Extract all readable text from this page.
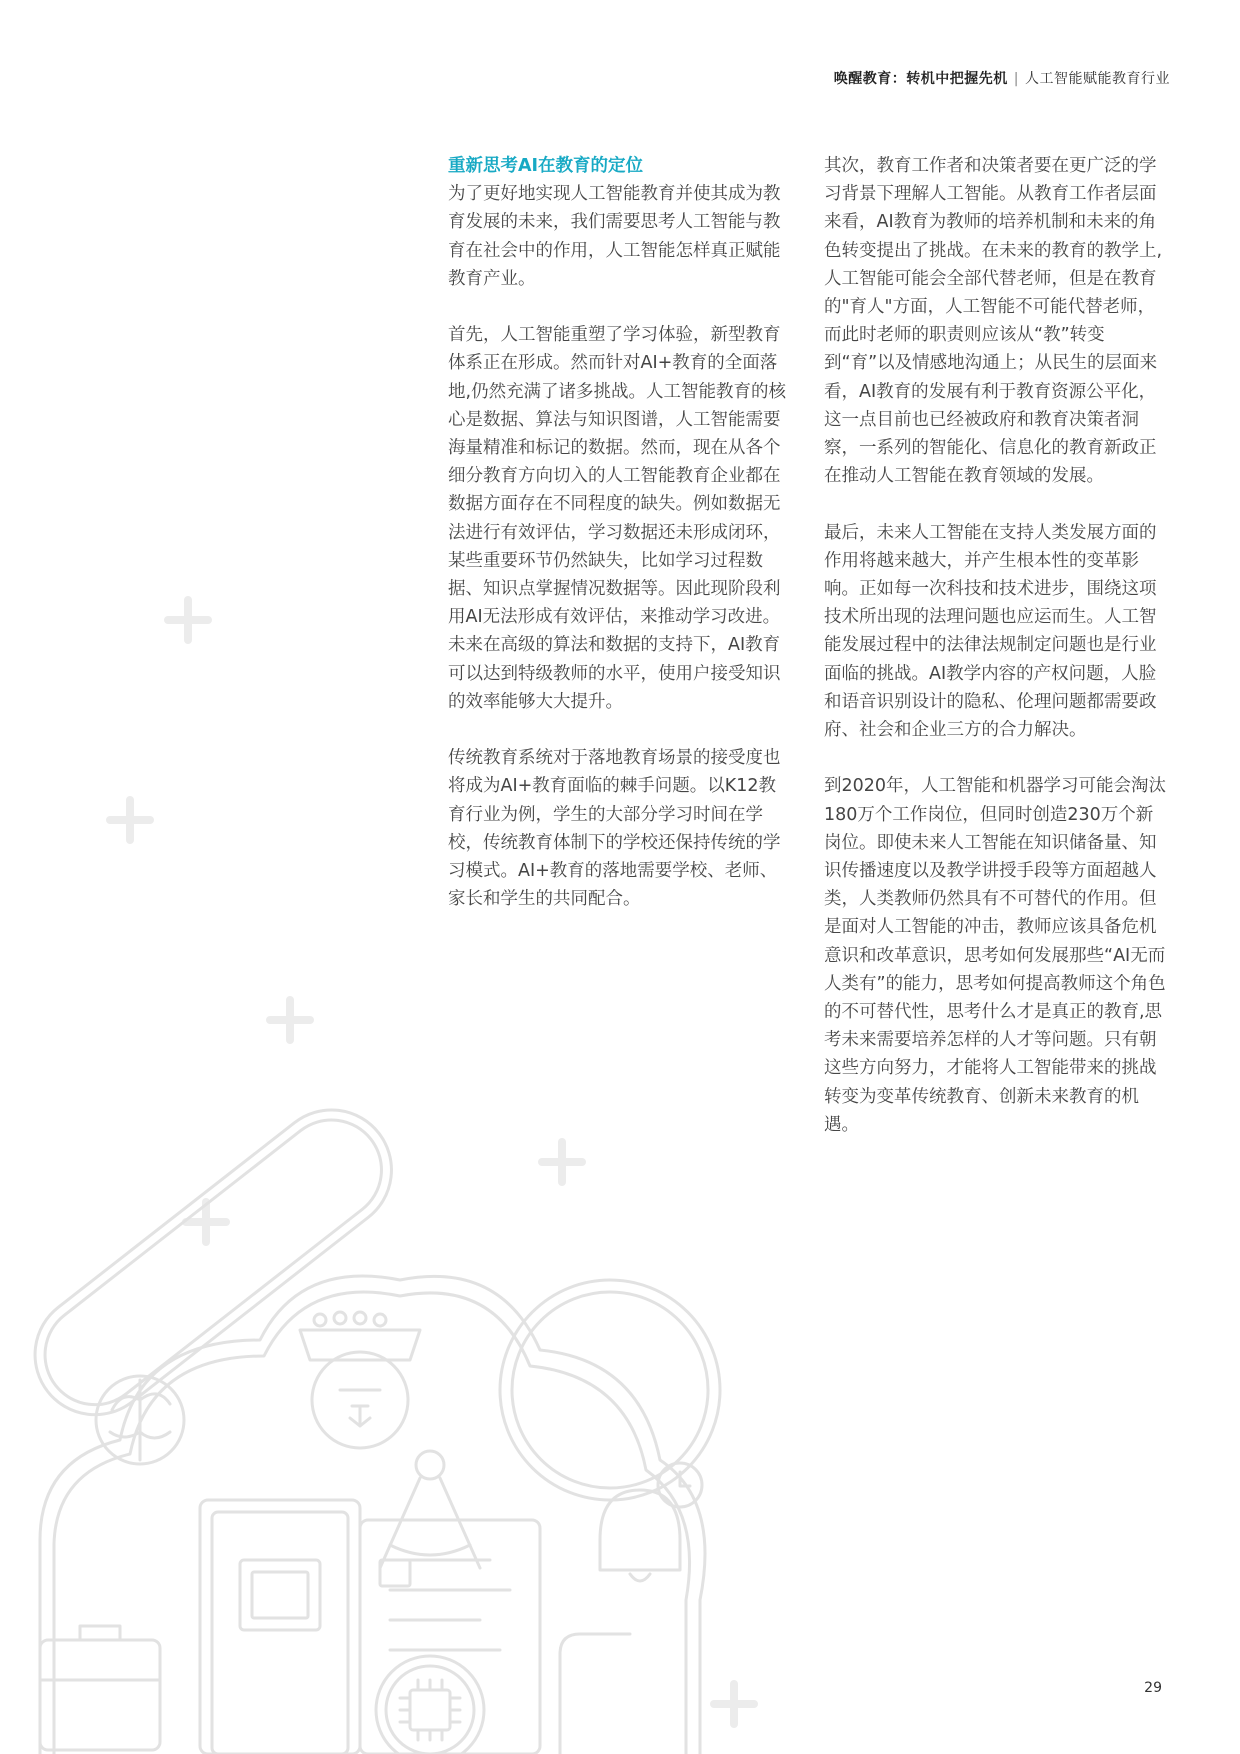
唤醒教育：转机中把握先机 | 人工智能赋能教育行业
重新思考AI在教育的定位

为了更好地实现人工智能教育并使其成为教育发展的未来，我们需要思考人工智能与教育在社会中的作用，人工智能怎样真正赋能教育产业。

首先，人工智能重塑了学习体验，新型教育体系正在形成。然而针对AI+教育的全面落地,仍然充满了诸多挑战。人工智能教育的核心是数据、算法与知识图谱，人工智能需要海量精准和标记的数据。然而，现在从各个细分教育方向切入的人工智能教育企业都在数据方面存在不同程度的缺失。例如数据无法进行有效评估，学习数据还未形成闭环，某些重要环节仍然缺失，比如学习过程数据、知识点掌握情况数据等。因此现阶段利用AI无法形成有效评估，来推动学习改进。未来在高级的算法和数据的支持下，AI教育可以达到特级教师的水平，使用户接受知识的效率能够大大提升。

传统教育系统对于落地教育场景的接受度也将成为AI+教育面临的棘手问题。以K12教育行业为例，学生的大部分学习时间在学校，传统教育体制下的学校还保持传统的学习模式。AI+教育的落地需要学校、老师、家长和学生的共同配合。

其次，教育工作者和决策者要在更广泛的学习背景下理解人工智能。从教育工作者层面来看，AI教育为教师的培养机制和未来的角色转变提出了挑战。在未来的教育的教学上,人工智能可能会全部代替老师，但是在教育的"育人"方面，人工智能不可能代替老师，而此时老师的职责则应该从“教”转变到“育”以及情感地沟通上；从民生的层面来看，AI教育的发展有利于教育资源公平化，这一点目前也已经被政府和教育决策者洞察，一系列的智能化、信息化的教育新政正在推动人工智能在教育领域的发展。

最后，未来人工智能在支持人类发展方面的作用将越来越大，并产生根本性的变革影响。正如每一次科技和技术进步，围绕这项技术所出现的法理问题也应运而生。人工智能发展过程中的法律法规制定问题也是行业面临的挑战。AI教学内容的产权问题，人脸和语音识别设计的隐私、伦理问题都需要政府、社会和企业三方的合力解决。

到2020年，人工智能和机器学习可能会淘汰180万个工作岗位，但同时创造230万个新岗位。即使未来人工智能在知识储备量、知识传播速度以及教学讲授手段等方面超越人类，人类教师仍然具有不可替代的作用。但是面对人工智能的冲击，教师应该具备危机意识和改革意识，思考如何发展那些“AI无而人类有”的能力，思考如何提高教师这个角色的不可替代性，思考什么才是真正的教育,思考未来需要培养怎样的人才等问题。只有朝这些方向努力，才能将人工智能带来的挑战转变为变革传统教育、创新未来教育的机遇。

29
